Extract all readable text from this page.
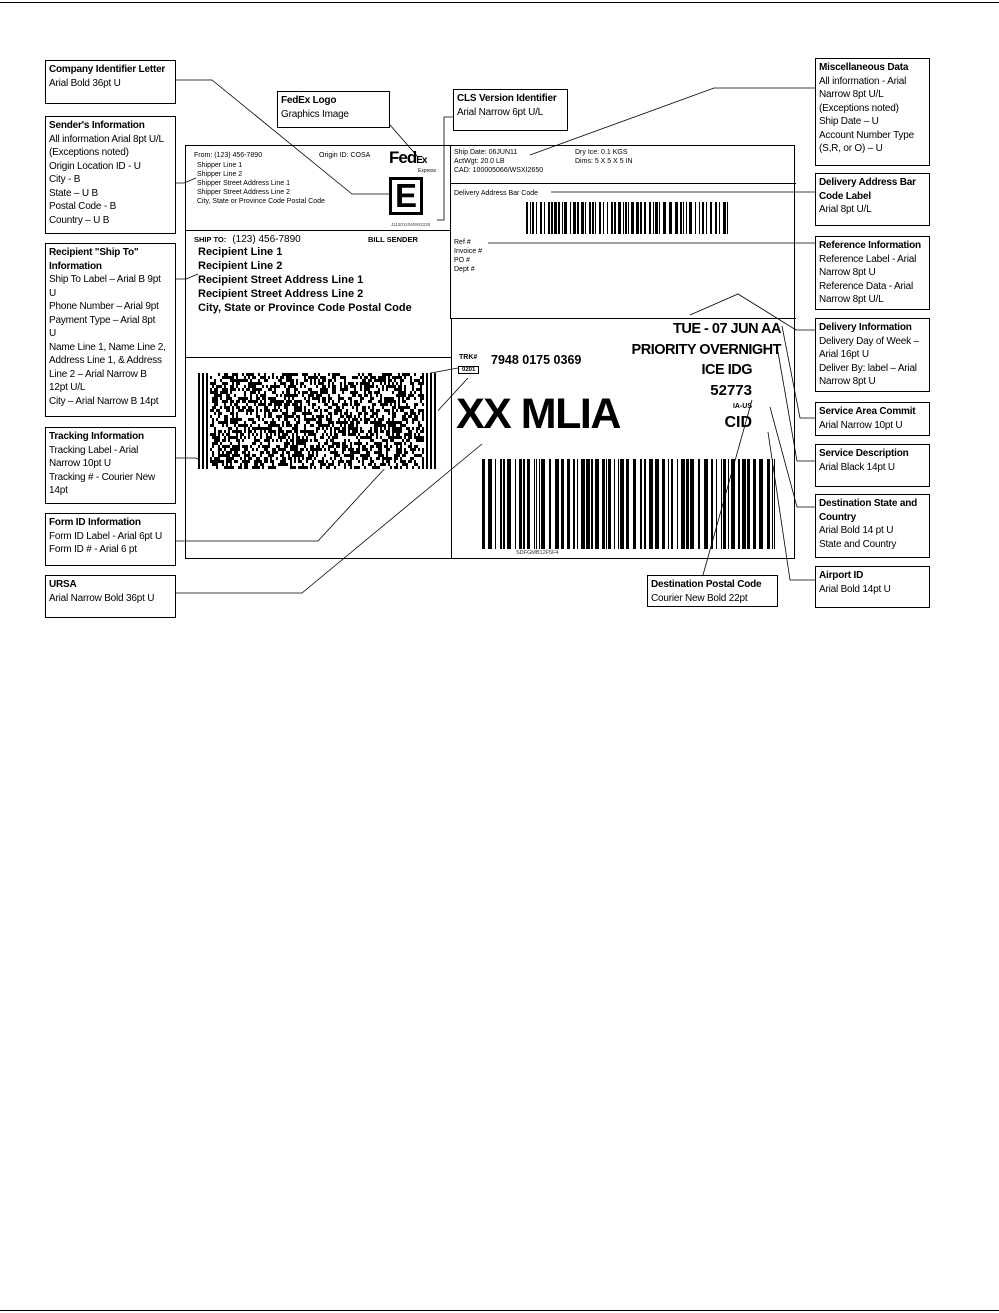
Company Identifier Letter
Arial Bold 36pt U
FedEx Logo
Graphics Image
CLS Version Identifier
Arial Narrow 6pt U/L
Miscellaneous Data
All information - Arial
Narrow 8pt U/L
(Exceptions noted)
Ship Date – U
Account Number Type
(S,R, or O) – U
Sender's Information
All information Arial 8pt U/L
(Exceptions noted)
Origin Location ID - U
City - B
State – U B
Postal Code - B
Country – U B
Delivery Address Bar
Code Label
Arial 8pt U/L
Recipient "Ship To"
Information
Ship To Label – Arial B 9pt
U
Phone Number – Arial 9pt
Payment Type – Arial 8pt
U
Name Line 1, Name Line 2,
Address Line 1, & Address
Line 2 – Arial Narrow B
12pt U/L
City – Arial Narrow B 14pt
Reference Information
Reference Label - Arial
Narrow 8pt U
Reference Data - Arial
Narrow 8pt U/L
Delivery Information
Delivery Day of Week –
Arial 16pt U
Deliver By: label – Arial
Narrow 8pt U
Tracking Information
Tracking Label - Arial
Narrow 10pt U
Tracking # - Courier New
14pt
Service Area Commit
Arial Narrow 10pt U
Service Description
Arial Black 14pt U
Form ID Information
Form ID Label - Arial 6pt U
Form ID # - Arial 6 pt
Destination State and
Country
Arial Bold 14 pt U
State and Country
URSA
Arial Narrow Bold 36pt U
Destination Postal Code
Courier New Bold 22pt
Airport ID
Arial Bold 14pt U
From: (123) 456-7890	Origin ID: COSA
Shipper Line 1
Shipper Line 2
Shipper Street Address Line 1
Shipper Street Address Line 2
City, State or Province Code Postal Code
FedEx
Express
E
J112011040902225
Ship Date: 06JUN11
ActWgt: 20.0 LB
CAD: 100005066/WSXI2650
Dry Ice: 0.1 KGS
Dims: 5 X 5 X 5 IN
Delivery Address Bar Code
SHIP TO: (123) 456-7890	BILL SENDER
Recipient Line 1
Recipient Line 2
Recipient Street Address Line 1
Recipient Street Address Line 2
City, State or Province Code Postal Code
Ref #
Invoice #
PO #
Dept #
TUE - 07 JUN AA
PRIORITY OVERNIGHT
ICE IDG
52773
IA-US
CID
TRK# 7948 0175 0369
0201
XX MLIA
SDFGMB12F5F4
